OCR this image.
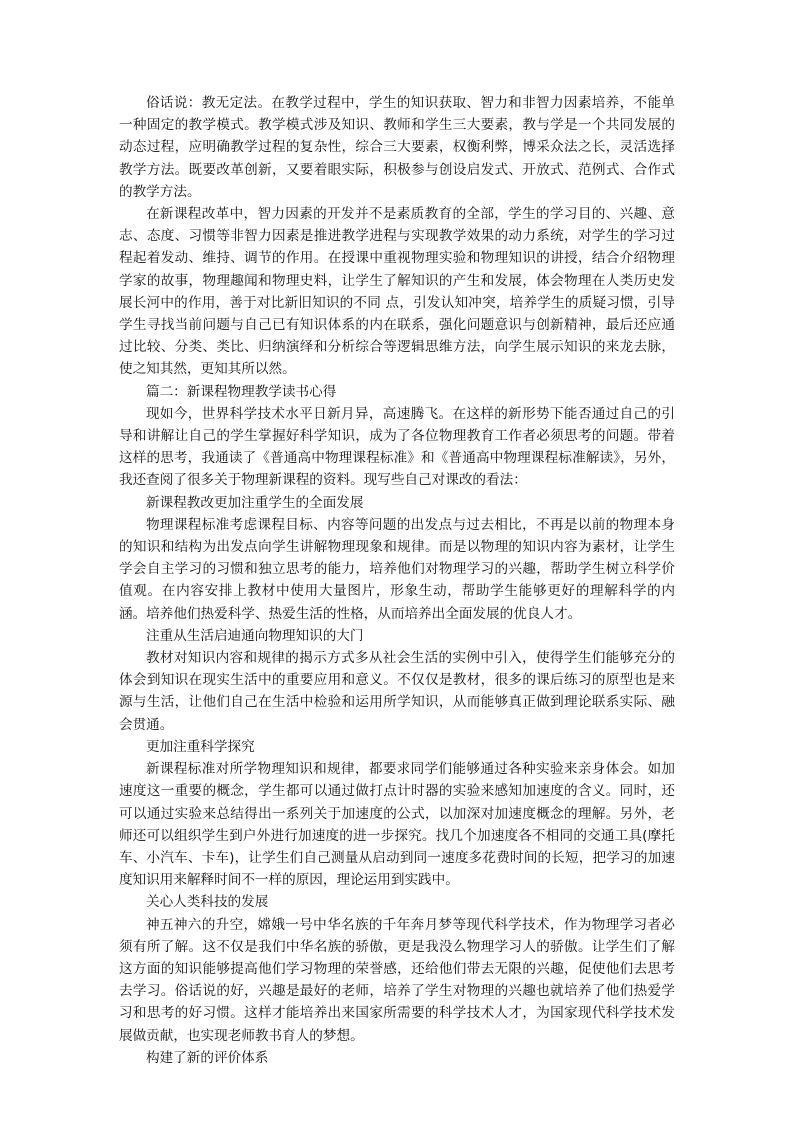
俗话说：教无定法。在教学过程中，学生的知识获取、智力和非智力因素培养，不能单一种固定的教学模式。教学模式涉及知识、教师和学生三大要素，教与学是一个共同发展的动态过程，应明确教学过程的复杂性，综合三大要素，权衡利弊，博采众法之长，灵活选择教学方法。既要改革创新，又要着眼实际，积极参与创设启发式、开放式、范例式、合作式的教学方法。

在新课程改革中，智力因素的开发并不是素质教育的全部，学生的学习目的、兴趣、意志、态度、习惯等非智力因素是推进教学进程与实现教学效果的动力系统，对学生的学习过程起着发动、维持、调节的作用。在授课中重视物理实验和物理知识的讲授，结合介绍物理学家的故事，物理趣闻和物理史料，让学生了解知识的产生和发展，体会物理在人类历史发展长河中的作用，善于对比新旧知识的不同 点，引发认知冲突，培养学生的质疑习惯，引导学生寻找当前问题与自己已有知识体系的内在联系，强化问题意识与创新精神，最后还应通过比较、分类、类比、归纳演绎和分析综合等逻辑思维方法，向学生展示知识的来龙去脉，使之知其然，更知其所以然。

篇二：新课程物理教学读书心得

现如今，世界科学技术水平日新月异，高速腾飞。在这样的新形势下能否通过自己的引导和讲解让自己的学生掌握好科学知识，成为了各位物理教育工作者必须思考的问题。带着这样的思考，我通读了《普通高中物理课程标准》和《普通高中物理课程标准解读》，另外，我还查阅了很多关于物理新课程的资料。现写些自己对课改的看法：

新课程教改更加注重学生的全面发展

物理课程标准考虑课程目标、内容等问题的出发点与过去相比，不再是以前的物理本身的知识和结构为出发点向学生讲解物理现象和规律。而是以物理的知识内容为素材，让学生学会自主学习的习惯和独立思考的能力，培养他们对物理学习的兴趣，帮助学生树立科学价值观。在内容安排上教材中使用大量图片，形象生动，帮助学生能够更好的理解科学的内涵。培养他们热爱科学、热爱生活的性格，从而培养出全面发展的优良人才。

注重从生活启迪通向物理知识的大门

教材对知识内容和规律的揭示方式多从社会生活的实例中引入，使得学生们能够充分的体会到知识在现实生活中的重要应用和意义。不仅仅是教材，很多的课后练习的原型也是来源与生活，让他们自己在生活中检验和运用所学知识，从而能够真正做到理论联系实际、融会贯通。

更加注重科学探究

新课程标准对所学物理知识和规律，都要求同学们能够通过各种实验来亲身体会。如加速度这一重要的概念，学生都可以通过做打点计时器的实验来感知加速度的含义。同时，还可以通过实验来总结得出一系列关于加速度的公式，以加深对加速度概念的理解。另外，老师还可以组织学生到户外进行加速度的进一步探究。找几个加速度各不相同的交通工具(摩托车、小汽车、卡车)，让学生们自己测量从启动到同一速度多花费时间的长短，把学习的加速度知识用来解释时间不一样的原因，理论运用到实践中。

关心人类科技的发展

神五神六的升空，嫦娥一号中华名族的千年奔月梦等现代科学技术，作为物理学习者必须有所了解。这不仅是我们中华名族的骄傲，更是我没么物理学习人的骄傲。让学生们了解这方面的知识能够提高他们学习物理的荣誉感，还给他们带去无限的兴趣，促使他们去思考去学习。俗话说的好，兴趣是最好的老师，培养了学生对物理的兴趣也就培养了他们热爱学习和思考的好习惯。这样才能培养出来国家所需要的科学技术人才，为国家现代科学技术发展做贡献，也实现老师教书育人的梦想。

构建了新的评价体系
